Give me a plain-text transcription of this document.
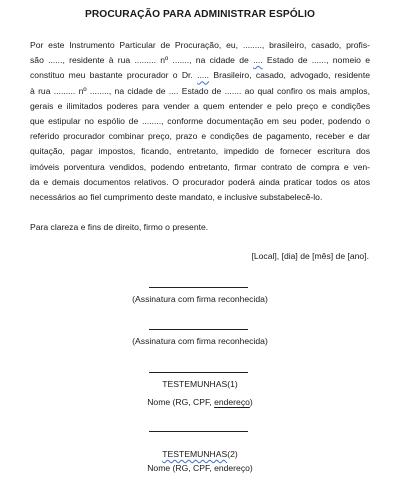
PROCURAÇÃO PARA ADMINISTRAR ESPÓLIO
Por este Instrumento Particular de Procuração, eu, ........, brasileiro, casado, profis-
são ......, residente à rua ......... nº ......., na cidade de .... Estado de ......, nomeio e
constituo meu bastante procurador o Dr. ..... Brasileiro, casado, advogado, residente
à rua ......... nº ........, na cidade de .... Estado de ....... ao qual confiro os mais amplos,
gerais e ilimitados poderes para vender a quem entender e pelo preço e condições
que estipular no espólio de ........, conforme documentação em seu poder, podendo o
referido procurador combinar preço, prazo e condições de pagamento, receber e dar
quitação, pagar impostos, ficando, entretanto, impedido de fornecer escritura dos
imóveis porventura vendidos, podendo entretanto, firmar contrato de compra e ven-
da e demais documentos relativos. O procurador poderá ainda praticar todos os atos
necessários ao fiel cumprimento deste mandato, e inclusive substabelecê-lo.
Para clareza e fins de direito, firmo o presente.
[Local], [dia] de [mês] de [ano].
(Assinatura com firma reconhecida)
(Assinatura com firma reconhecida)
TESTEMUNHAS(1)
Nome (RG, CPF, endereço)
TESTEMUNHAS(2)
Nome (RG, CPF, endereço)
